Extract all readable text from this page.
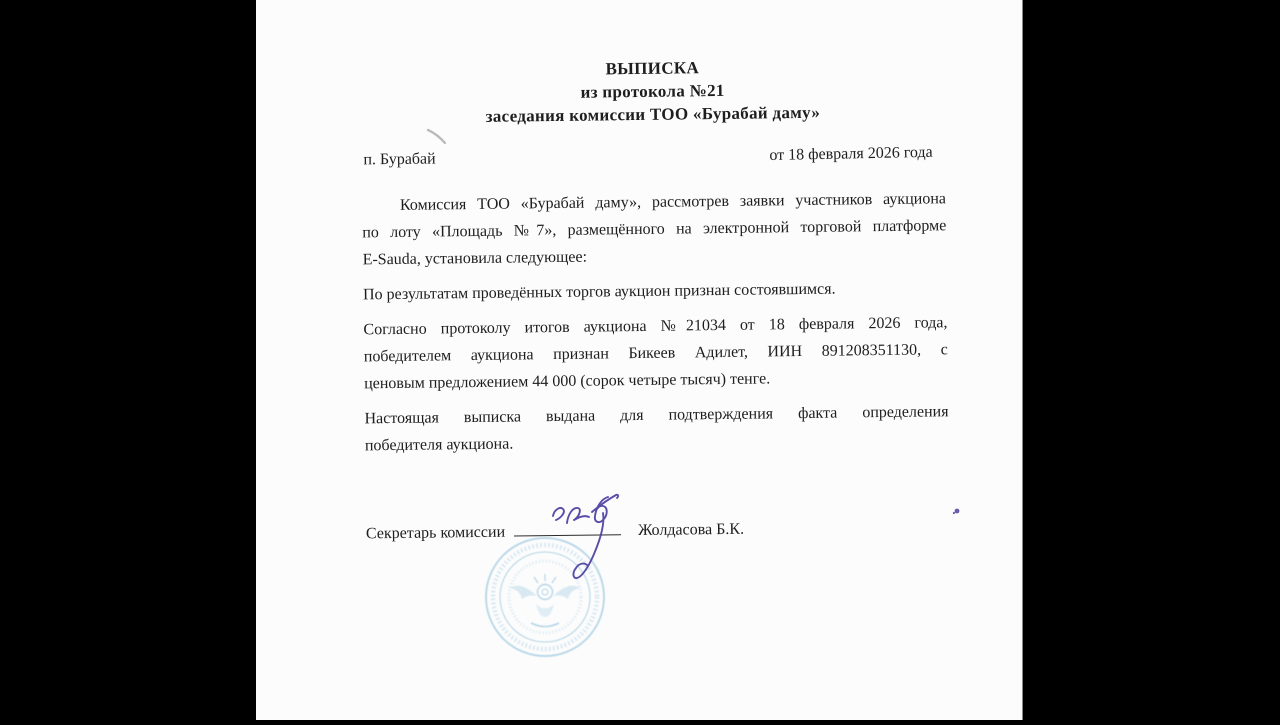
ВЫПИСКА
из протокола №21
заседания комиссии ТОО «Бурабай даму»
п. Бурабай	от 18 февраля 2026 года
Комиссия ТОО «Бурабай даму», рассмотрев заявки участников аукциона
по лоту «Площадь №7», размещённого на электронной торговой платформе
E-Sauda, установила следующее:
По результатам проведённых торгов аукцион признан состоявшимся.
Согласно протоколу итогов аукциона №21034 от 18 февраля 2026 года,
победителем аукциона признан Бикеев Адилет, ИИН 891208351130, с
ценовым предложением 44 000 (сорок четыре тысяч) тенге.
Настоящая выписка выдана для подтверждения факта определения
победителя аукциона.
Секретарь комиссии	Жолдасова Б.К.
